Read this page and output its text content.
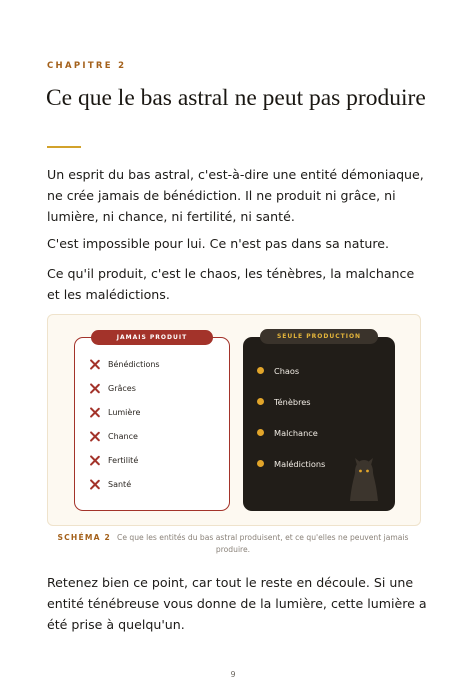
CHAPITRE 2
Ce que le bas astral ne peut pas produire

Un esprit du bas astral, c'est-à-dire une entité démoniaque, ne crée jamais de bénédiction. Il ne produit ni grâce, ni lumière, ni chance, ni fertilité, ni santé.

C'est impossible pour lui. Ce n'est pas dans sa nature.

Ce qu'il produit, c'est le chaos, les ténèbres, la malchance et les malédictions.

JAMAIS PRODUIT
Bénédictions
Grâces
Lumière
Chance
Fertilité
Santé
SEULE PRODUCTION
Chaos
Ténèbres
Malchance
Malédictions
SCHÉMA 2 Ce que les entités du bas astral produisent, et ce qu'elles ne peuvent jamais produire.

Retenez bien ce point, car tout le reste en découle. Si une entité ténébreuse vous donne de la lumière, cette lumière a été prise à quelqu'un.

9
